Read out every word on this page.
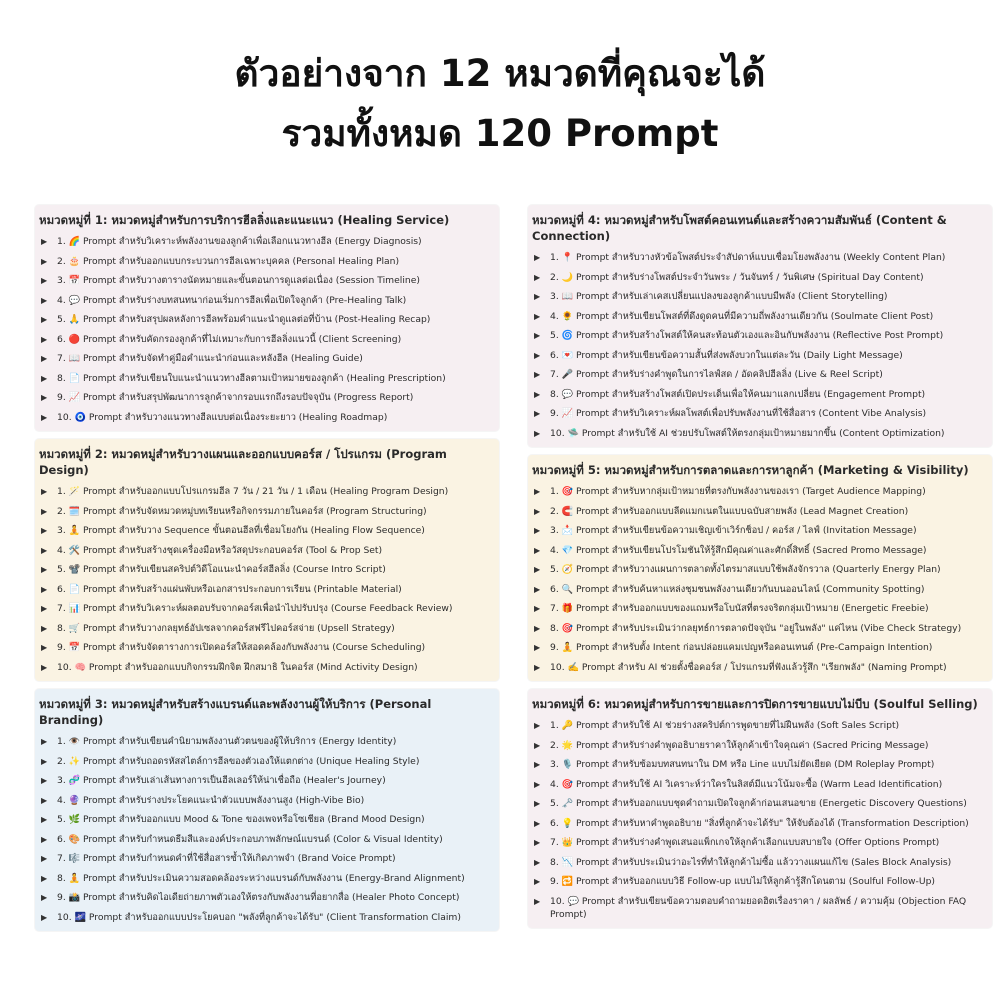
ตัวอย่างจาก 12 หมวดที่คุณจะได้
รวมทั้งหมด 120 Prompt
หมวดหมู่ที่ 1: หมวดหมู่สำหรับการบริการฮีลลิ่งและแนะแนว (Healing Service)
▶	1. 🌈 Prompt สำหรับวิเคราะห์พลังงานของลูกค้าเพื่อเลือกแนวทางฮีล (Energy Diagnosis)
▶	2. 🎂 Prompt สำหรับออกแบบกระบวนการฮีลเฉพาะบุคคล (Personal Healing Plan)
▶	3. 📅 Prompt สำหรับวางตารางนัดหมายและขั้นตอนการดูแลต่อเนื่อง (Session Timeline)
▶	4. 💬 Prompt สำหรับร่างบทสนทนาก่อนเริ่มการฮีลเพื่อเปิดใจลูกค้า (Pre-Healing Talk)
▶	5. 🙏 Prompt สำหรับสรุปผลหลังการฮีลพร้อมคำแนะนำดูแลต่อที่บ้าน (Post-Healing Recap)
▶	6. 🔴 Prompt สำหรับคัดกรองลูกค้าที่ไม่เหมาะกับการฮีลลิ่งแนวนี้ (Client Screening)
▶	7. 📖 Prompt สำหรับจัดทำคู่มือคำแนะนำก่อนและหลังฮีล (Healing Guide)
▶	8. 📄 Prompt สำหรับเขียนใบแนะนำแนวทางฮีลตามเป้าหมายของลูกค้า (Healing Prescription)
▶	9. 📈 Prompt สำหรับสรุปพัฒนาการลูกค้าจากรอบแรกถึงรอบปัจจุบัน (Progress Report)
▶	10. 🧿 Prompt สำหรับวางแนวทางฮีลแบบต่อเนื่องระยะยาว (Healing Roadmap)
หมวดหมู่ที่ 2: หมวดหมู่สำหรับวางแผนและออกแบบคอร์ส / โปรแกรม (Program Design)
▶	1. 🪄 Prompt สำหรับออกแบบโปรแกรมฮีล 7 วัน / 21 วัน / 1 เดือน (Healing Program Design)
▶	2. 🗓️ Prompt สำหรับจัดหมวดหมู่บทเรียนหรือกิจกรรมภายในคอร์ส (Program Structuring)
▶	3. 🧘 Prompt สำหรับวาง Sequence ขั้นตอนฮีลที่เชื่อมโยงกัน (Healing Flow Sequence)
▶	4. 🛠️ Prompt สำหรับสร้างชุดเครื่องมือหรือวัสดุประกอบคอร์ส (Tool & Prop Set)
▶	5. 📽️ Prompt สำหรับเขียนสคริปต์วิดีโอแนะนำคอร์สฮีลลิ่ง (Course Intro Script)
▶	6. 📄 Prompt สำหรับสร้างแผ่นพับหรือเอกสารประกอบการเรียน (Printable Material)
▶	7. 📊 Prompt สำหรับวิเคราะห์ผลตอบรับจากคอร์สเพื่อนำไปปรับปรุง (Course Feedback Review)
▶	8. 🛒 Prompt สำหรับวางกลยุทธ์อัปเซลจากคอร์สฟรีไปคอร์สจ่าย (Upsell Strategy)
▶	9. 📅 Prompt สำหรับจัดตารางการเปิดคอร์สให้สอดคล้องกับพลังงาน (Course Scheduling)
▶	10. 🧠 Prompt สำหรับออกแบบกิจกรรมฝึกจิต ฝึกสมาธิ ในคอร์ส (Mind Activity Design)
หมวดหมู่ที่ 3: หมวดหมู่สำหรับสร้างแบรนด์และพลังงานผู้ให้บริการ (Personal Branding)
▶	1. 👁️ Prompt สำหรับเขียนคำนิยามพลังงานตัวตนของผู้ให้บริการ (Energy Identity)
▶	2. ✨ Prompt สำหรับถอดรหัสสไตล์การฮีลของตัวเองให้แตกต่าง (Unique Healing Style)
▶	3. 🧬 Prompt สำหรับเล่าเส้นทางการเป็นฮีลเลอร์ให้น่าเชื่อถือ (Healer's Journey)
▶	4. 🔮 Prompt สำหรับร่างประโยคแนะนำตัวแบบพลังงานสูง (High-Vibe Bio)
▶	5. 🌿 Prompt สำหรับออกแบบ Mood & Tone ของเพจหรือโซเชียล (Brand Mood Design)
▶	6. 🎨 Prompt สำหรับกำหนดธีมสีและองค์ประกอบภาพลักษณ์แบรนด์ (Color & Visual Identity)
▶	7. 🎼 Prompt สำหรับกำหนดคำที่ใช้สื่อสารซ้ำให้เกิดภาพจำ (Brand Voice Prompt)
▶	8. 🧘 Prompt สำหรับประเมินความสอดคล้องระหว่างแบรนด์กับพลังงาน (Energy-Brand Alignment)
▶	9. 📸 Prompt สำหรับคิดไอเดียถ่ายภาพตัวเองให้ตรงกับพลังงานที่อยากสื่อ (Healer Photo Concept)
▶	10. 🌌 Prompt สำหรับออกแบบประโยคบอก "พลังที่ลูกค้าจะได้รับ" (Client Transformation Claim)
หมวดหมู่ที่ 4: หมวดหมู่สำหรับโพสต์คอนเทนต์และสร้างความสัมพันธ์ (Content & Connection)
▶	1. 📍 Prompt สำหรับวางหัวข้อโพสต์ประจำสัปดาห์แบบเชื่อมโยงพลังงาน (Weekly Content Plan)
▶	2. 🌙 Prompt สำหรับร่างโพสต์ประจำวันพระ / วันจันทร์ / วันพิเศษ (Spiritual Day Content)
▶	3. 📖 Prompt สำหรับเล่าเคสเปลี่ยนแปลงของลูกค้าแบบมีพลัง (Client Storytelling)
▶	4. 🌻 Prompt สำหรับเขียนโพสต์ที่ดึงดูดคนที่มีความถี่พลังงานเดียวกัน (Soulmate Client Post)
▶	5. 🌀 Prompt สำหรับสร้างโพสต์ให้คนสะท้อนตัวเองและอินกับพลังงาน (Reflective Post Prompt)
▶	6. 💌 Prompt สำหรับเขียนข้อความสั้นที่ส่งพลังบวกในแต่ละวัน (Daily Light Message)
▶	7. 🎤 Prompt สำหรับร่างคำพูดในการไลฟ์สด / อัดคลิปฮีลลิ่ง (Live & Reel Script)
▶	8. 💬 Prompt สำหรับสร้างโพสต์เปิดประเด็นเพื่อให้คนมาแลกเปลี่ยน (Engagement Prompt)
▶	9. 📈 Prompt สำหรับวิเคราะห์ผลโพสต์เพื่อปรับพลังงานที่ใช้สื่อสาร (Content Vibe Analysis)
▶	10. 🛸 Prompt สำหรับใช้ AI ช่วยปรับโพสต์ให้ตรงกลุ่มเป้าหมายมากขึ้น (Content Optimization)
หมวดหมู่ที่ 5: หมวดหมู่สำหรับการตลาดและการหาลูกค้า (Marketing & Visibility)
▶	1. 🎯 Prompt สำหรับหากลุ่มเป้าหมายที่ตรงกับพลังงานของเรา (Target Audience Mapping)
▶	2. 🧲 Prompt สำหรับออกแบบลีดแมกเนตในแบบฉบับสายพลัง (Lead Magnet Creation)
▶	3. 📩 Prompt สำหรับเขียนข้อความเชิญเข้าเวิร์กช็อป / คอร์ส / ไลฟ์ (Invitation Message)
▶	4. 💎 Prompt สำหรับเขียนโปรโมชันให้รู้สึกมีคุณค่าและศักดิ์สิทธิ์ (Sacred Promo Message)
▶	5. 🧭 Prompt สำหรับวางแผนการตลาดทั้งไตรมาสแบบใช้พลังจักรวาล (Quarterly Energy Plan)
▶	6. 🔍 Prompt สำหรับค้นหาแหล่งชุมชนพลังงานเดียวกันบนออนไลน์ (Community Spotting)
▶	7. 🎁 Prompt สำหรับออกแบบของแถมหรือโบนัสที่ตรงจริตกลุ่มเป้าหมาย (Energetic Freebie)
▶	8. 🎯 Prompt สำหรับประเมินว่ากลยุทธ์การตลาดปัจจุบัน "อยู่ในพลัง" แค่ไหน (Vibe Check Strategy)
▶	9. 🧘 Prompt สำหรับตั้ง Intent ก่อนปล่อยแคมเปญหรือคอนเทนต์ (Pre-Campaign Intention)
▶	10. ✍️ Prompt สำหรับ AI ช่วยตั้งชื่อคอร์ส / โปรแกรมที่ฟังแล้วรู้สึก "เรียกพลัง" (Naming Prompt)
หมวดหมู่ที่ 6: หมวดหมู่สำหรับการขายและการปิดการขายแบบไม่บีบ (Soulful Selling)
▶	1. 🔑 Prompt สำหรับใช้ AI ช่วยร่างสคริปต์การพูดขายที่ไม่ฝืนพลัง (Soft Sales Script)
▶	2. 🌟 Prompt สำหรับร่างคำพูดอธิบายราคาให้ลูกค้าเข้าใจคุณค่า (Sacred Pricing Message)
▶	3. 🎙️ Prompt สำหรับซ้อมบทสนทนาใน DM หรือ Line แบบไม่ยัดเยียด (DM Roleplay Prompt)
▶	4. 🎯 Prompt สำหรับใช้ AI วิเคราะห์ว่าใครในลิสต์มีแนวโน้มจะซื้อ (Warm Lead Identification)
▶	5. 🗝️ Prompt สำหรับออกแบบชุดคำถามเปิดใจลูกค้าก่อนเสนอขาย (Energetic Discovery Questions)
▶	6. 💡 Prompt สำหรับหาคำพูดอธิบาย "สิ่งที่ลูกค้าจะได้รับ" ให้จับต้องได้ (Transformation Description)
▶	7. 👑 Prompt สำหรับร่างคำพูดเสนอแพ็กเกจให้ลูกค้าเลือกแบบสบายใจ (Offer Options Prompt)
▶	8. 📉 Prompt สำหรับประเมินว่าอะไรที่ทำให้ลูกค้าไม่ซื้อ แล้ววางแผนแก้ไข (Sales Block Analysis)
▶	9. 🔁 Prompt สำหรับออกแบบวิธี Follow-up แบบไม่ให้ลูกค้ารู้สึกโดนตาม (Soulful Follow-Up)
▶	10. 💬 Prompt สำหรับเขียนข้อความตอบคำถามยอดฮิตเรื่องราคา / ผลลัพธ์ / ความคุ้ม (Objection FAQ Prompt)
